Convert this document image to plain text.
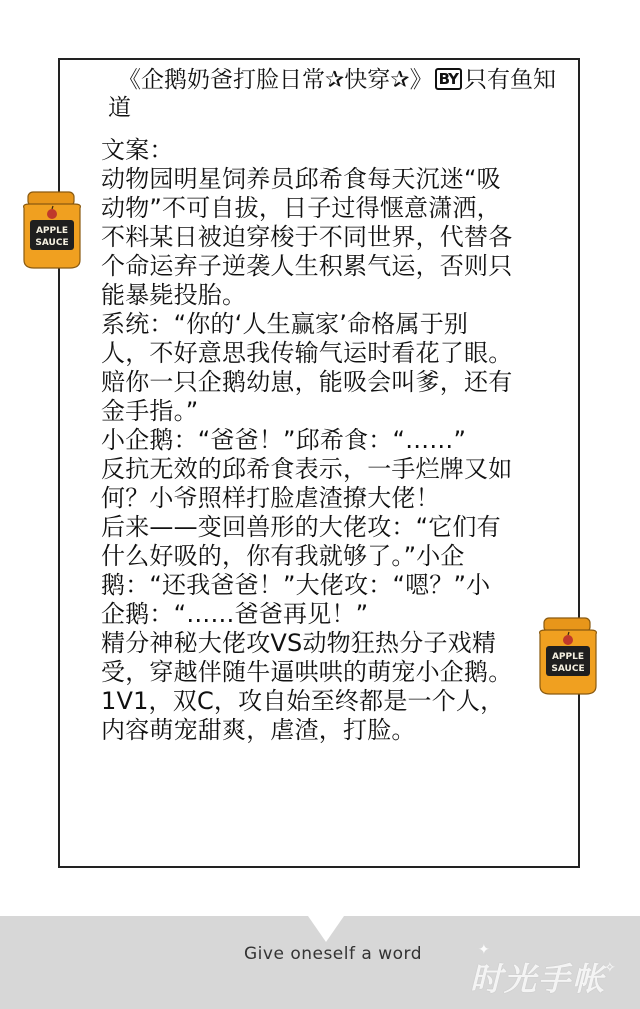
《企鹅奶爸打脸日常✰快穿✰》 BY 只有鱼知道

文案：

动物园明星饲养员邱希食每天沉迷“吸动物”不可自拔，日子过得惬意潇洒，不料某日被迫穿梭于不同世界，代替各个命运弃子逆袭人生积累气运，否则只能暴毙投胎。

系统：“你的‘人生赢家’命格属于别人，不好意思我传输气运时看花了眼。赔你一只企鹅幼崽，能吸会叫爹，还有金手指。”

小企鹅：“爸爸！”邱希食：“……”

反抗无效的邱希食表示，一手烂牌又如何？小爷照样打脸虐渣撩大佬！

后来——变回兽形的大佬攻：“它们有什么好吸的，你有我就够了。”小企鹅：“还我爸爸！”大佬攻：“嗯？”小企鹅：“……爸爸再见！”

精分神秘大佬攻VS动物狂热分子戏精受，穿越伴随牛逼哄哄的萌宠小企鹅。

1V1，双C，攻自始至终都是一个人，内容萌宠甜爽，虐渣，打脸。

APPLE
SAUCE
APPLE
SAUCE
Give oneself a word	✦
✧
时光手帐
